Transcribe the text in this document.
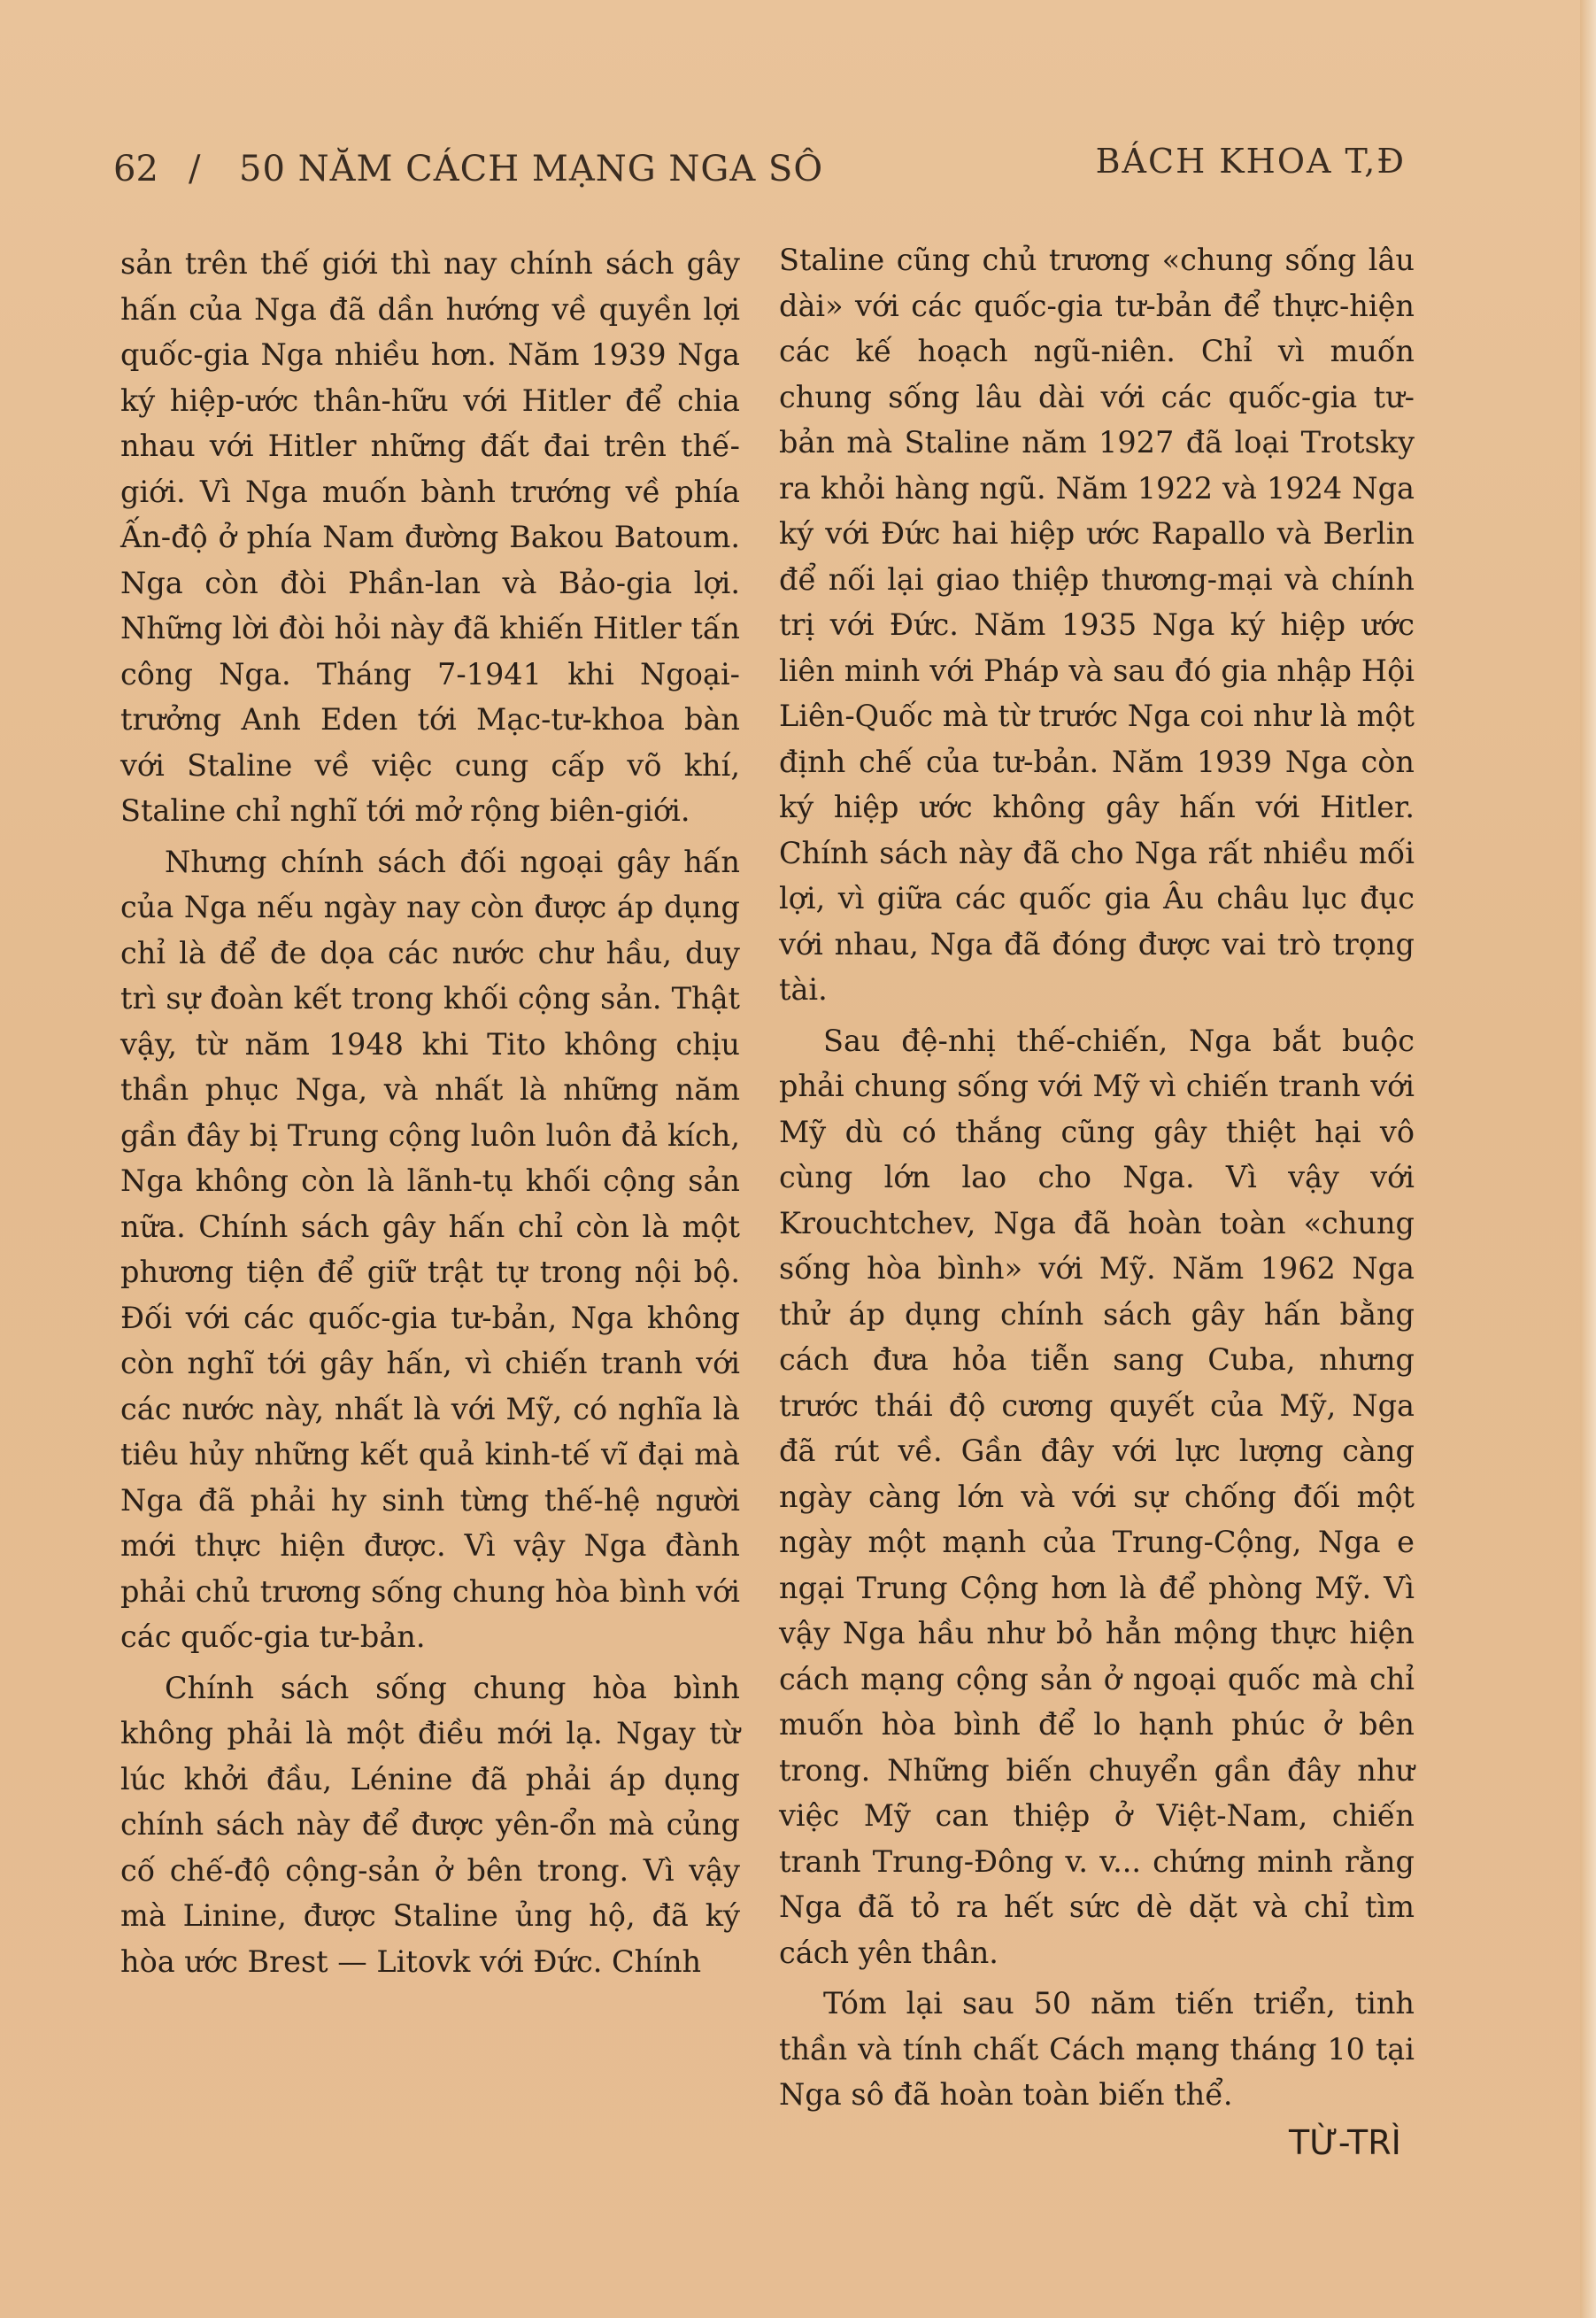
62 / 50 NĂM CÁCH MẠNG NGA SÔ	BÁCH KHOA T,Đ

sản trên thế giới thì nay chính sách gây hấn của Nga đã dần hướng về quyền lợi quốc-gia Nga nhiều hơn. Năm 1939 Nga ký hiệp-ước thân-hữu với Hitler để chia nhau với Hitler những đất đai trên thế-giới. Vì Nga muốn bành trướng về phía Ấn-độ ở phía Nam đường Bakou Batoum. Nga còn đòi Phần-lan và Bảo-gia lợi. Những lời đòi hỏi này đã khiến Hitler tấn công Nga. Tháng 7-1941 khi Ngoại-trưởng Anh Eden tới Mạc-tư-khoa bàn với Staline về việc cung cấp võ khí, Staline chỉ nghĩ tới mở rộng biên-giới.

Nhưng chính sách đối ngoại gây hấn của Nga nếu ngày nay còn được áp dụng chỉ là để đe dọa các nước chư hầu, duy trì sự đoàn kết trong khối cộng sản. Thật vậy, từ năm 1948 khi Tito không chịu thần phục Nga, và nhất là những năm gần đây bị Trung cộng luôn luôn đả kích, Nga không còn là lãnh-tụ khối cộng sản nữa. Chính sách gây hấn chỉ còn là một phương tiện để giữ trật tự trong nội bộ. Đối với các quốc-gia tư-bản, Nga không còn nghĩ tới gây hấn, vì chiến tranh với các nước này, nhất là với Mỹ, có nghĩa là tiêu hủy những kết quả kinh-tế vĩ đại mà Nga đã phải hy sinh từng thế-hệ người mới thực hiện được. Vì vậy Nga đành phải chủ trương sống chung hòa bình với các quốc-gia tư-bản.

Chính sách sống chung hòa bình không phải là một điều mới lạ. Ngay từ lúc khởi đầu, Lénine đã phải áp dụng chính sách này để được yên-ổn mà củng cố chế-độ cộng-sản ở bên trong. Vì vậy mà Linine, được Staline ủng hộ, đã ký hòa ước Brest — Litovk với Đức. Chính

Staline cũng chủ trương «chung sống lâu dài» với các quốc-gia tư-bản để thực-hiện các kế hoạch ngũ-niên. Chỉ vì muốn chung sống lâu dài với các quốc-gia tư-bản mà Staline năm 1927 đã loại Trotsky ra khỏi hàng ngũ. Năm 1922 và 1924 Nga ký với Đức hai hiệp ước Rapallo và Berlin để nối lại giao thiệp thương-mại và chính trị với Đức. Năm 1935 Nga ký hiệp ước liên minh với Pháp và sau đó gia nhập Hội Liên-Quốc mà từ trước Nga coi như là một định chế của tư-bản. Năm 1939 Nga còn ký hiệp ước không gây hấn với Hitler. Chính sách này đã cho Nga rất nhiều mối lợi, vì giữa các quốc gia Âu châu lục đục với nhau, Nga đã đóng được vai trò trọng tài.

Sau đệ-nhị thế-chiến, Nga bắt buộc phải chung sống với Mỹ vì chiến tranh với Mỹ dù có thắng cũng gây thiệt hại vô cùng lớn lao cho Nga. Vì vậy với Krouchtchev, Nga đã hoàn toàn «chung sống hòa bình» với Mỹ. Năm 1962 Nga thử áp dụng chính sách gây hấn bằng cách đưa hỏa tiễn sang Cuba, nhưng trước thái độ cương quyết của Mỹ, Nga đã rút về. Gần đây với lực lượng càng ngày càng lớn và với sự chống đối một ngày một mạnh của Trung-Cộng, Nga e ngại Trung Cộng hơn là để phòng Mỹ. Vì vậy Nga hầu như bỏ hẳn mộng thực hiện cách mạng cộng sản ở ngoại quốc mà chỉ muốn hòa bình để lo hạnh phúc ở bên trong. Những biến chuyển gần đây như việc Mỹ can thiệp ở Việt-Nam, chiến tranh Trung-Đông v. v... chứng minh rằng Nga đã tỏ ra hết sức dè dặt và chỉ tìm cách yên thân.

Tóm lại sau 50 năm tiến triển, tinh thần và tính chất Cách mạng tháng 10 tại Nga sô đã hoàn toàn biến thể.

TỪ-TRÌ
